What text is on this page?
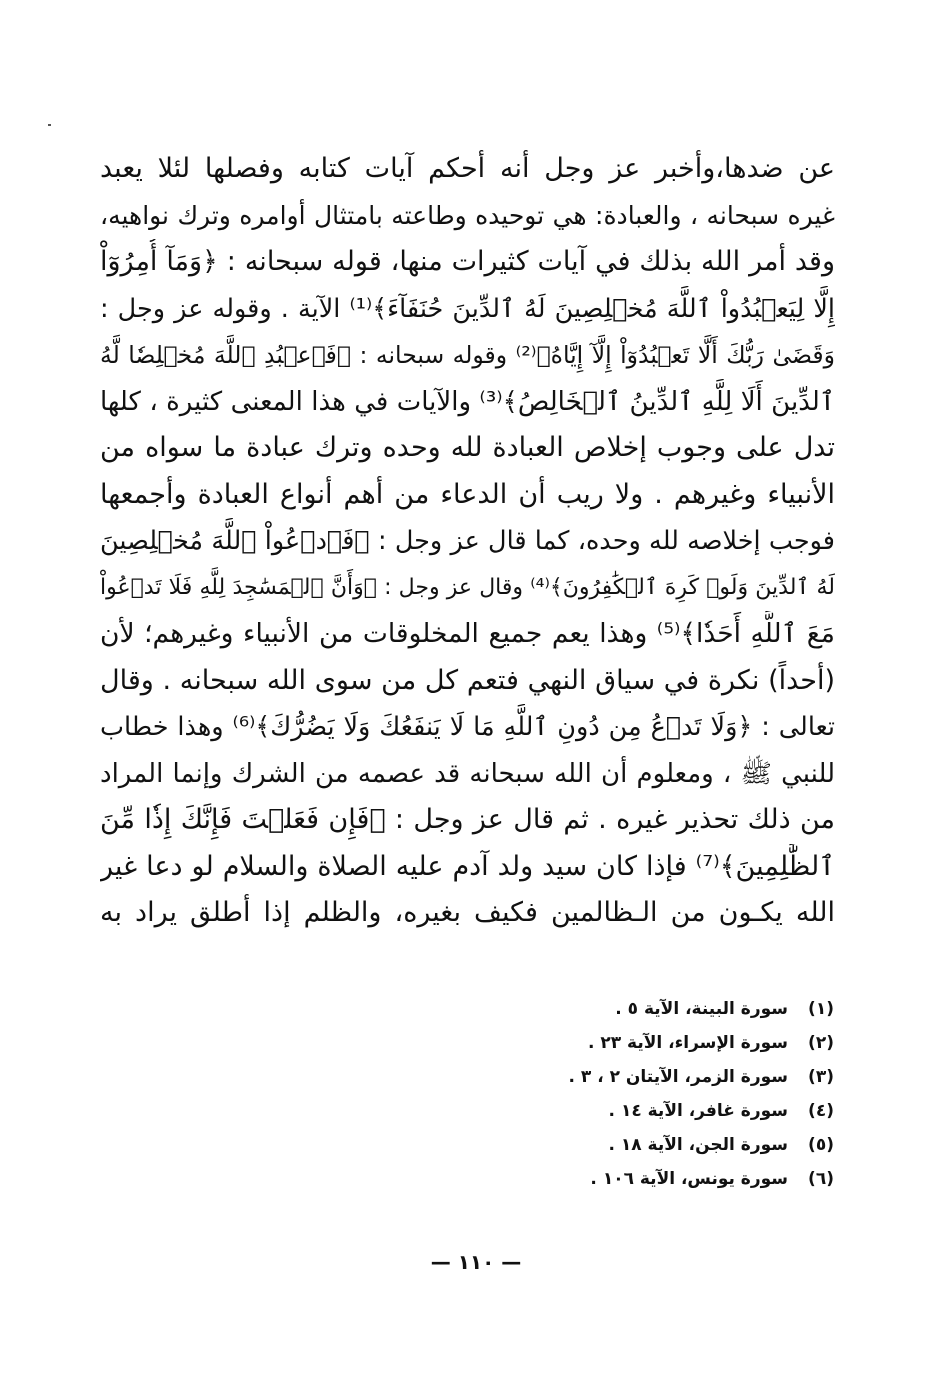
عن ضدها،وأخبر عز وجل أنه أحكم آيات كتابه وفصلها لئلا يعبد
غيره سبحانه ، والعبادة: هي توحيده وطاعته بامتثال أوامره وترك نواهيه،
وقد أمر الله بذلك في آيات كثيرات منها، قوله سبحانه : ﴿وَمَآ أُمِرُوٓاْ
إِلَّا لِيَعۡبُدُواْ ٱللَّهَ مُخۡلِصِينَ لَهُ ٱلدِّينَ حُنَفَآءَ﴾⁽¹⁾ الآية . وقوله عز وجل :
وَقَضَىٰ رَبُّكَ أَلَّا تَعۡبُدُوٓاْ إِلَّآ إِيَّاهُ﴾⁽²⁾ وقوله سبحانه : ﴿فَٱعۡبُدِ ٱللَّهَ مُخۡلِصٗا لَّهُ
ٱلدِّينَ أَلَا لِلَّهِ ٱلدِّينُ ٱلۡخَالِصُ﴾⁽³⁾ والآيات في هذا المعنى كثيرة ، كلها
تدل على وجوب إخلاص العبادة لله وحده وترك عبادة ما سواه من
الأنبياء وغيرهم . ولا ريب أن الدعاء من أهم أنواع العبادة وأجمعها
فوجب إخلاصه لله وحده، كما قال عز وجل : ﴿فَٱدۡعُواْ ٱللَّهَ مُخۡلِصِينَ
لَهُ ٱلدِّينَ وَلَوۡ كَرِهَ ٱلۡكَٰفِرُونَ﴾⁽⁴⁾ وقال عز وجل : ﴿وَأَنَّ ٱلۡمَسَٰجِدَ لِلَّهِ فَلَا تَدۡعُواْ
مَعَ ٱللَّهِ أَحَدٗا﴾⁽⁵⁾ وهذا يعم جميع المخلوقات من الأنبياء وغيرهم؛ لأن
(أحداً) نكرة في سياق النهي فتعم كل من سوى الله سبحانه . وقال
تعالى : ﴿وَلَا تَدۡعُ مِن دُونِ ٱللَّهِ مَا لَا يَنفَعُكَ وَلَا يَضُرُّكَ﴾⁽⁶⁾ وهذا خطاب
للنبي ﷺ ، ومعلوم أن الله سبحانه قد عصمه من الشرك وإنما المراد
من ذلك تحذير غيره . ثم قال عز وجل : ﴿فَإِن فَعَلۡتَ فَإِنَّكَ إِذٗا مِّنَ
ٱلظَّٰلِمِينَ﴾⁽⁷⁾ فإذا كان سيد ولد آدم عليه الصلاة والسلام لو دعا غير
الله يكـون من الـظالمين فكيف بغيره، والظلم إذا أطلق يراد به
(١)سورة البينة، الآية ٥ .
(٢)سورة الإسراء، الآية ٢٣ .
(٣)سورة الزمر، الآيتان ٢ ، ٣ .
(٤)سورة غافر، الآية ١٤ .
(٥)سورة الجن، الآية ١٨ .
(٦)سورة يونس، الآية ١٠٦ .
— ١١٠ —
